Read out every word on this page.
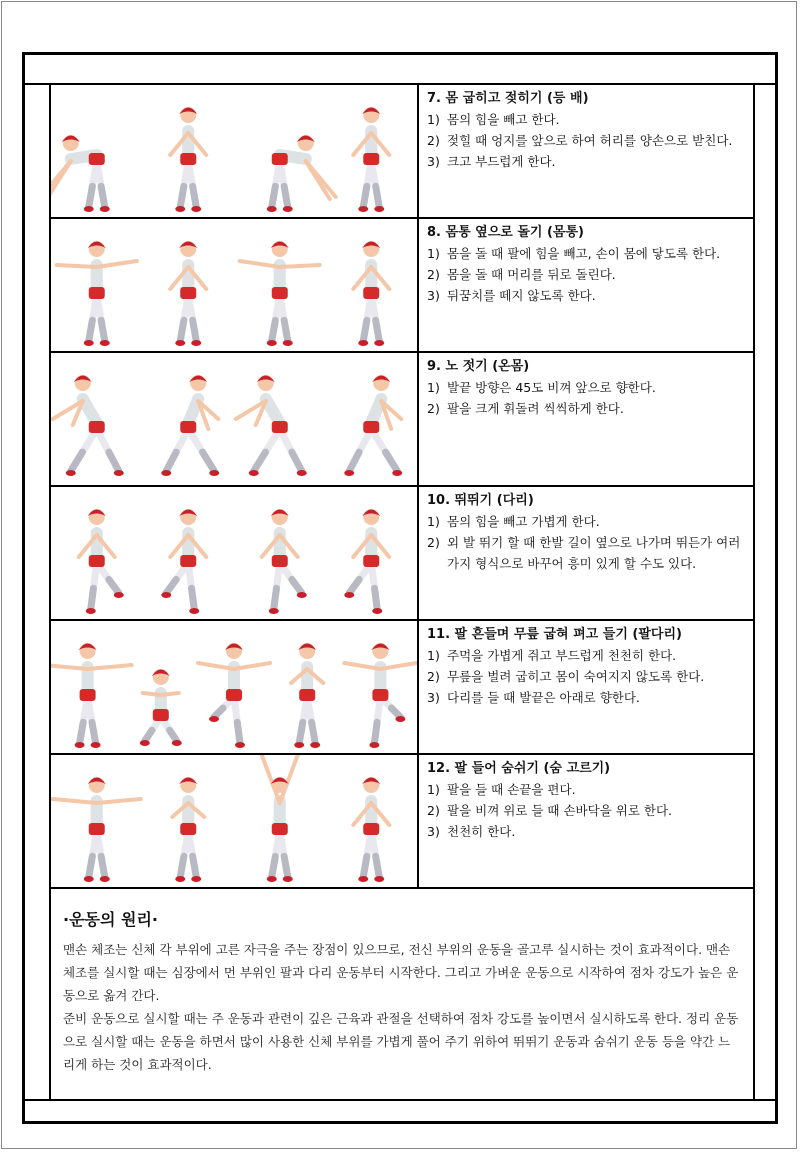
7. 몸 굽히고 젖히기 (등 배)

1) 몸의 힘을 빼고 한다.
2) 젖힐 때 엉지를 앞으로 하여 허리를 양손으로 받친다.
3) 크고 부드럽게 한다.

8. 몸통 옆으로 돌기 (몸통)

1) 몸을 돌 때 팔에 힘을 빼고, 손이 몸에 닿도록 한다.
2) 몸을 돌 때 머리를 뒤로 돌린다.
3) 뒤꿈치를 떼지 않도록 한다.

9. 노 젓기 (온몸)

1) 발끝 방향은 45도 비껴 앞으로 향한다.
2) 팔을 크게 휘돌려 씩씩하게 한다.

10. 뛰뛰기 (다리)

1) 몸의 힘을 빼고 가볍게 한다.
2) 외 발 뛰기 할 때 한발 길이 옆으로 나가며 뛰든가 여러 가지 형식으로 바꾸어 흥미 있게 할 수도 있다.

11. 팔 흔들며 무릎 굽혀 펴고 들기 (팔다리)

1) 주먹을 가볍게 쥐고 부드럽게 천천히 한다.
2) 무릎을 벌려 굽히고 몸이 숙여지지 않도록 한다.
3) 다리를 들 때 발끝은 아래로 향한다.

12. 팔 들어 숨쉬기 (숨 고르기)

1) 팔을 들 때 손끝을 편다.
2) 팔을 비껴 위로 들 때 손바닥을 위로 한다.
3) 천천히 한다.

·운동의 원리·

맨손 체조는 신체 각 부위에 고른 자극을 주는 장점이 있으므로, 전신 부위의 운동을 골고루 실시하는 것이 효과적이다. 맨손 체조를 실시할 때는 심장에서 먼 부위인 팔과 다리 운동부터 시작한다. 그리고 가벼운 운동으로 시작하여 점차 강도가 높은 운동으로 옮겨 간다.

준비 운동으로 실시할 때는 주 운동과 관련이 깊은 근육과 관절을 선택하여 점차 강도를 높이면서 실시하도록 한다. 정리 운동으로 실시할 때는 운동을 하면서 많이 사용한 신체 부위를 가볍게 풀어 주기 위하여 뛰뛰기 운동과 숨쉬기 운동 등을 약간 느리게 하는 것이 효과적이다.
